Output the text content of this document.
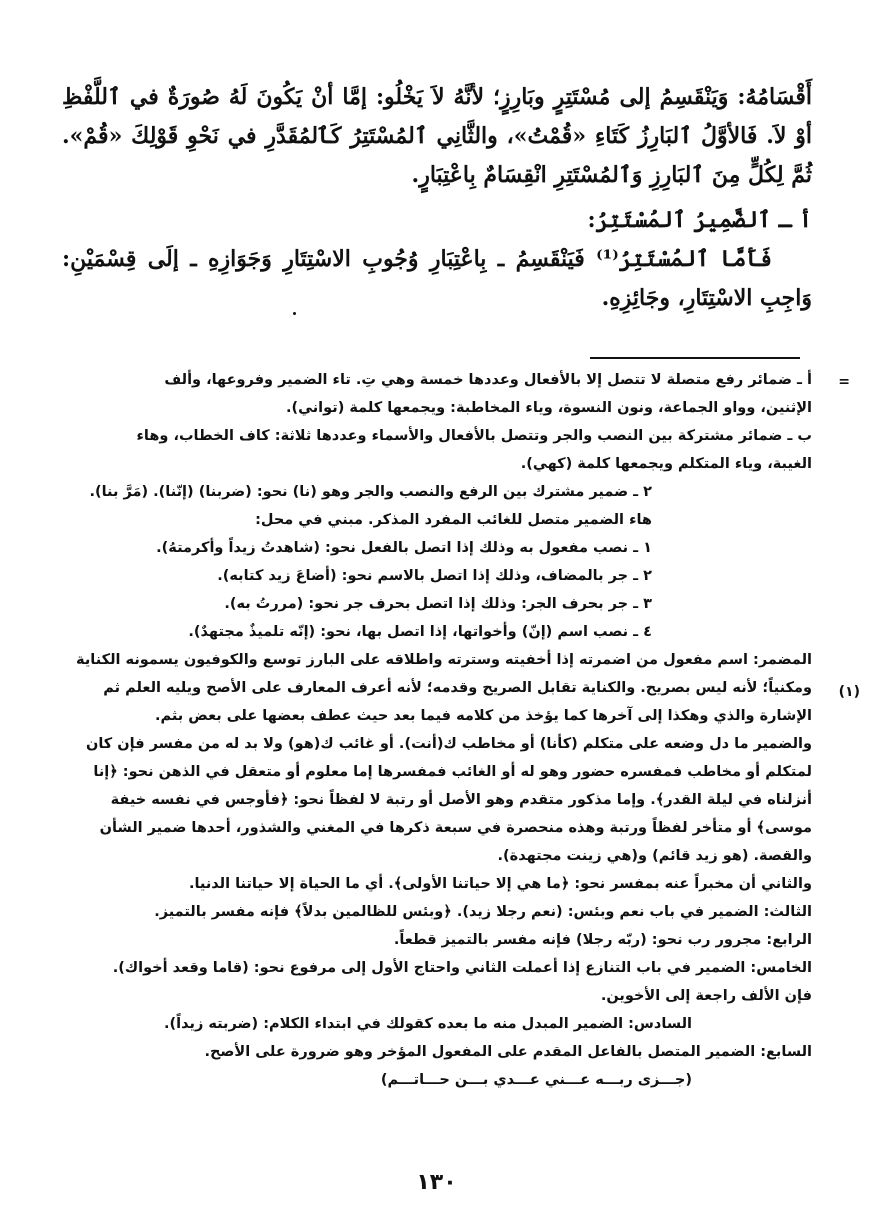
أَقْسَامُهُ: وَيَنْقَسِمُ إلى مُسْتَتِرٍ وبَارِزٍ؛ لأنَّهُ لاَ يَخْلُو: إمَّا أنْ يَكُونَ لَهُ صُورَةٌ في ٱللَّفْظِ أوْ لاَ. فَالأوَّلُ ٱلبَارِزُ كَتَاءِ «قُمْتُ»، والثَّانِي ٱلمُسْتَتِرُ كَٱلمُقَدَّرِ في نَحْوِ قَوْلِكَ «قُمْ». ثُمَّ لِكُلٍّ مِنَ ٱلبَارِزِ وَٱلمُسْتَتِرِ انْقِسَامٌ بِاعْتِبَارٍ.

أ ـ ٱلضَّمِيرُ ٱلمُسْتَتِرُ:

فَأَمَّا ٱلمُسْتَتِرُ⁽¹⁾ فَيَنْقَسِمُ ـ بِاعْتِبَارِ وُجُوبِ الاسْتِتَارِ وَجَوَازِهِ ـ إلَى قِسْمَيْنِ: وَاجِبِ الاسْتِتَارِ، وجَائِزِهِ.

=
(١)
أ ـ ضمائر رفع متصلة لا تتصل إلا بالأفعال وعددها خمسة وهي تِ. تاء الضمير وفروعها، وألف
الإثنين، وواو الجماعة، ونون النسوة، وياء المخاطبة: ويجمعها كلمة (تواني).
ب ـ ضمائر مشتركة بين النصب والجر وتتصل بالأفعال والأسماء وعددها ثلاثة: كاف الخطاب، وهاء
الغيبة، وياء المتكلم ويجمعها كلمة (كهي).
٢ ـ ضمير مشترك بين الرفع والنصب والجر وهو (نا) نحو: (ضربنا) (إنّنا). (مَرَّ بنا).
هاء الضمير متصل للغائب المفرد المذكر. مبني في محل:
١ ـ نصب مفعول به وذلك إذا اتصل بالفعل نحو: (شاهدتُ زيداً وأكرمتهُ).
٢ ـ جر بالمضاف، وذلك إذا اتصل بالاسم نحو: (أضاعَ زيد كتابه).
٣ ـ جر بحرف الجر: وذلك إذا اتصل بحرف جر نحو: (مررتُ به).
٤ ـ نصب اسم (إنّ) وأخواتها، إذا اتصل بها، نحو: (إنّه تلميذٌ مجتهدٌ).
المضمر: اسم مفعول من اضمرته إذا أخفيته وسترته واطلاقه على البارز توسع والكوفيون يسمونه الكناية
ومكنياً؛ لأنه ليس بصريح. والكناية تقابل الصريح وقدمه؛ لأنه أعرف المعارف على الأصح ويليه العلم ثم
الإشارة والذي وهكذا إلى آخرها كما يؤخذ من كلامه فيما بعد حيث عطف بعضها على بعض بثم.
والضمير ما دل وضعه على متكلم (كأنا) أو مخاطب ك(أنت). أو غائب ك(هو) ولا بد له من مفسر فإن كان
لمتكلم أو مخاطب فمفسره حضور وهو له أو الغائب فمفسرها إما معلوم أو متعقل في الذهن نحو: ﴿إنا
أنزلناه في ليلة القدر﴾. وإما مذكور متقدم وهو الأصل أو رتبة لا لفظاً نحو: ﴿فأوجس في نفسه خيفة
موسى﴾ أو متأخر لفظاً ورتبة وهذه منحصرة في سبعة ذكرها في المغني والشذور، أحدها ضمير الشأن
والقصة. (هو زيد قائم) و(هي زينت مجتهدة).
والثاني أن مخبراً عنه بمفسر نحو: ﴿ما هي إلا حياتنا الأولى﴾. أي ما الحياة إلا حياتنا الدنيا.
الثالث: الضمير في باب نعم وبئس: (نعم رجلا زيد). ﴿وبئس للظالمين بدلاً﴾ فإنه مفسر بالتميز.
الرابع: مجرور رب نحو: (ربّه رجلا) فإنه مفسر بالتميز قطعاً.
الخامس: الضمير في باب التنازع إذا أعملت الثاني واحتاج الأول إلى مرفوع نحو: (قاما وقعد أخواك).
فإن الألف راجعة إلى الأخوين.
السادس: الضمير المبدل منه ما بعده كقولك في ابتداء الكلام: (ضربته زيداً).
السابع: الضمير المتصل بالفاعل المقدم على المفعول المؤخر وهو ضرورة على الأصح.
(جـــزى ربـــه عـــني عـــدي بـــن حـــاتـــم)
١٣٠
